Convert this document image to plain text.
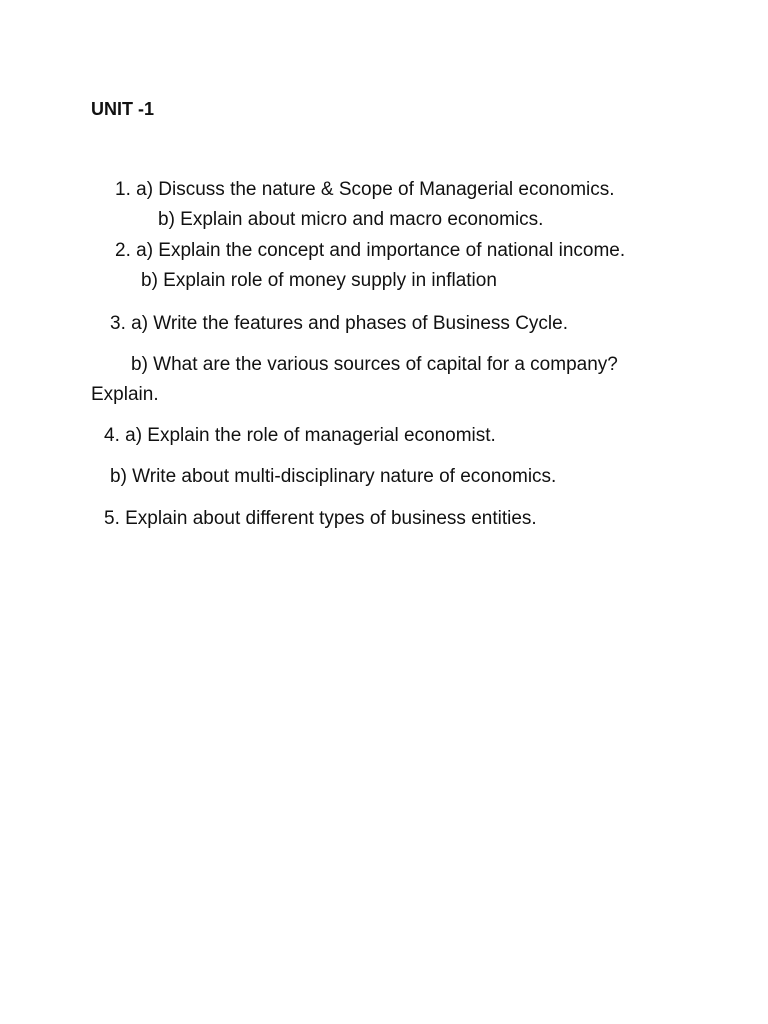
UNIT -1
1. a) Discuss the nature & Scope of Managerial economics.
b) Explain about micro and macro economics.
2. a) Explain the concept and importance of national income.
b) Explain role of money supply in inflation
3. a) Write the features and phases of Business Cycle.
b) What are the various sources of capital for a company?
Explain.
4. a) Explain the role of managerial economist.
b) Write about multi-disciplinary nature of economics.
5. Explain about different types of business entities.
